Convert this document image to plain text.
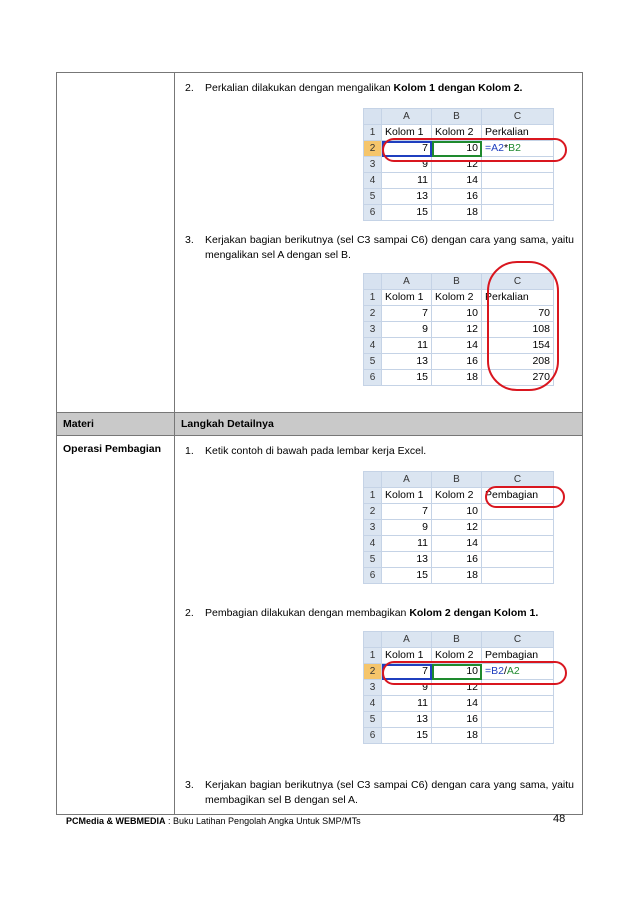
2.	Perkalian dilakukan dengan mengalikan Kolom 1 dengan Kolom 2.
	A	B	C
1	Kolom 1	Kolom 2	Perkalian
2	7	10	=A2*B2
3	9	12	
4	11	14	
5	13	16	
6	15	18	
3.	Kerjakan bagian berikutnya (sel C3 sampai C6) dengan cara yang sama, yaitu mengalikan sel A dengan sel B.
	A	B	C
1	Kolom 1	Kolom 2	Perkalian
2	7	10	70
3	9	12	108
4	11	14	154
5	13	16	208
6	15	18	270

Materi	Langkah Detailnya
Operasi Pembagian	1.	Ketik contoh di bawah pada lembar kerja Excel.
	A	B	C
1	Kolom 1	Kolom 2	Pembagian
2	7	10	
3	9	12	
4	11	14	
5	13	16	
6	15	18	
2.	Pembagian dilakukan dengan membagikan Kolom 2 dengan Kolom 1.
	A	B	C
1	Kolom 1	Kolom 2	Pembagian
2	7	10	=B2/A2
3	9	12	
4	11	14	
5	13	16	
6	15	18	
3.	Kerjakan bagian berikutnya (sel C3 sampai C6) dengan cara yang sama, yaitu membagikan sel B dengan sel A.
PCMedia & WEBMEDIA : Buku Latihan Pengolah Angka Untuk SMP/MTs	48
